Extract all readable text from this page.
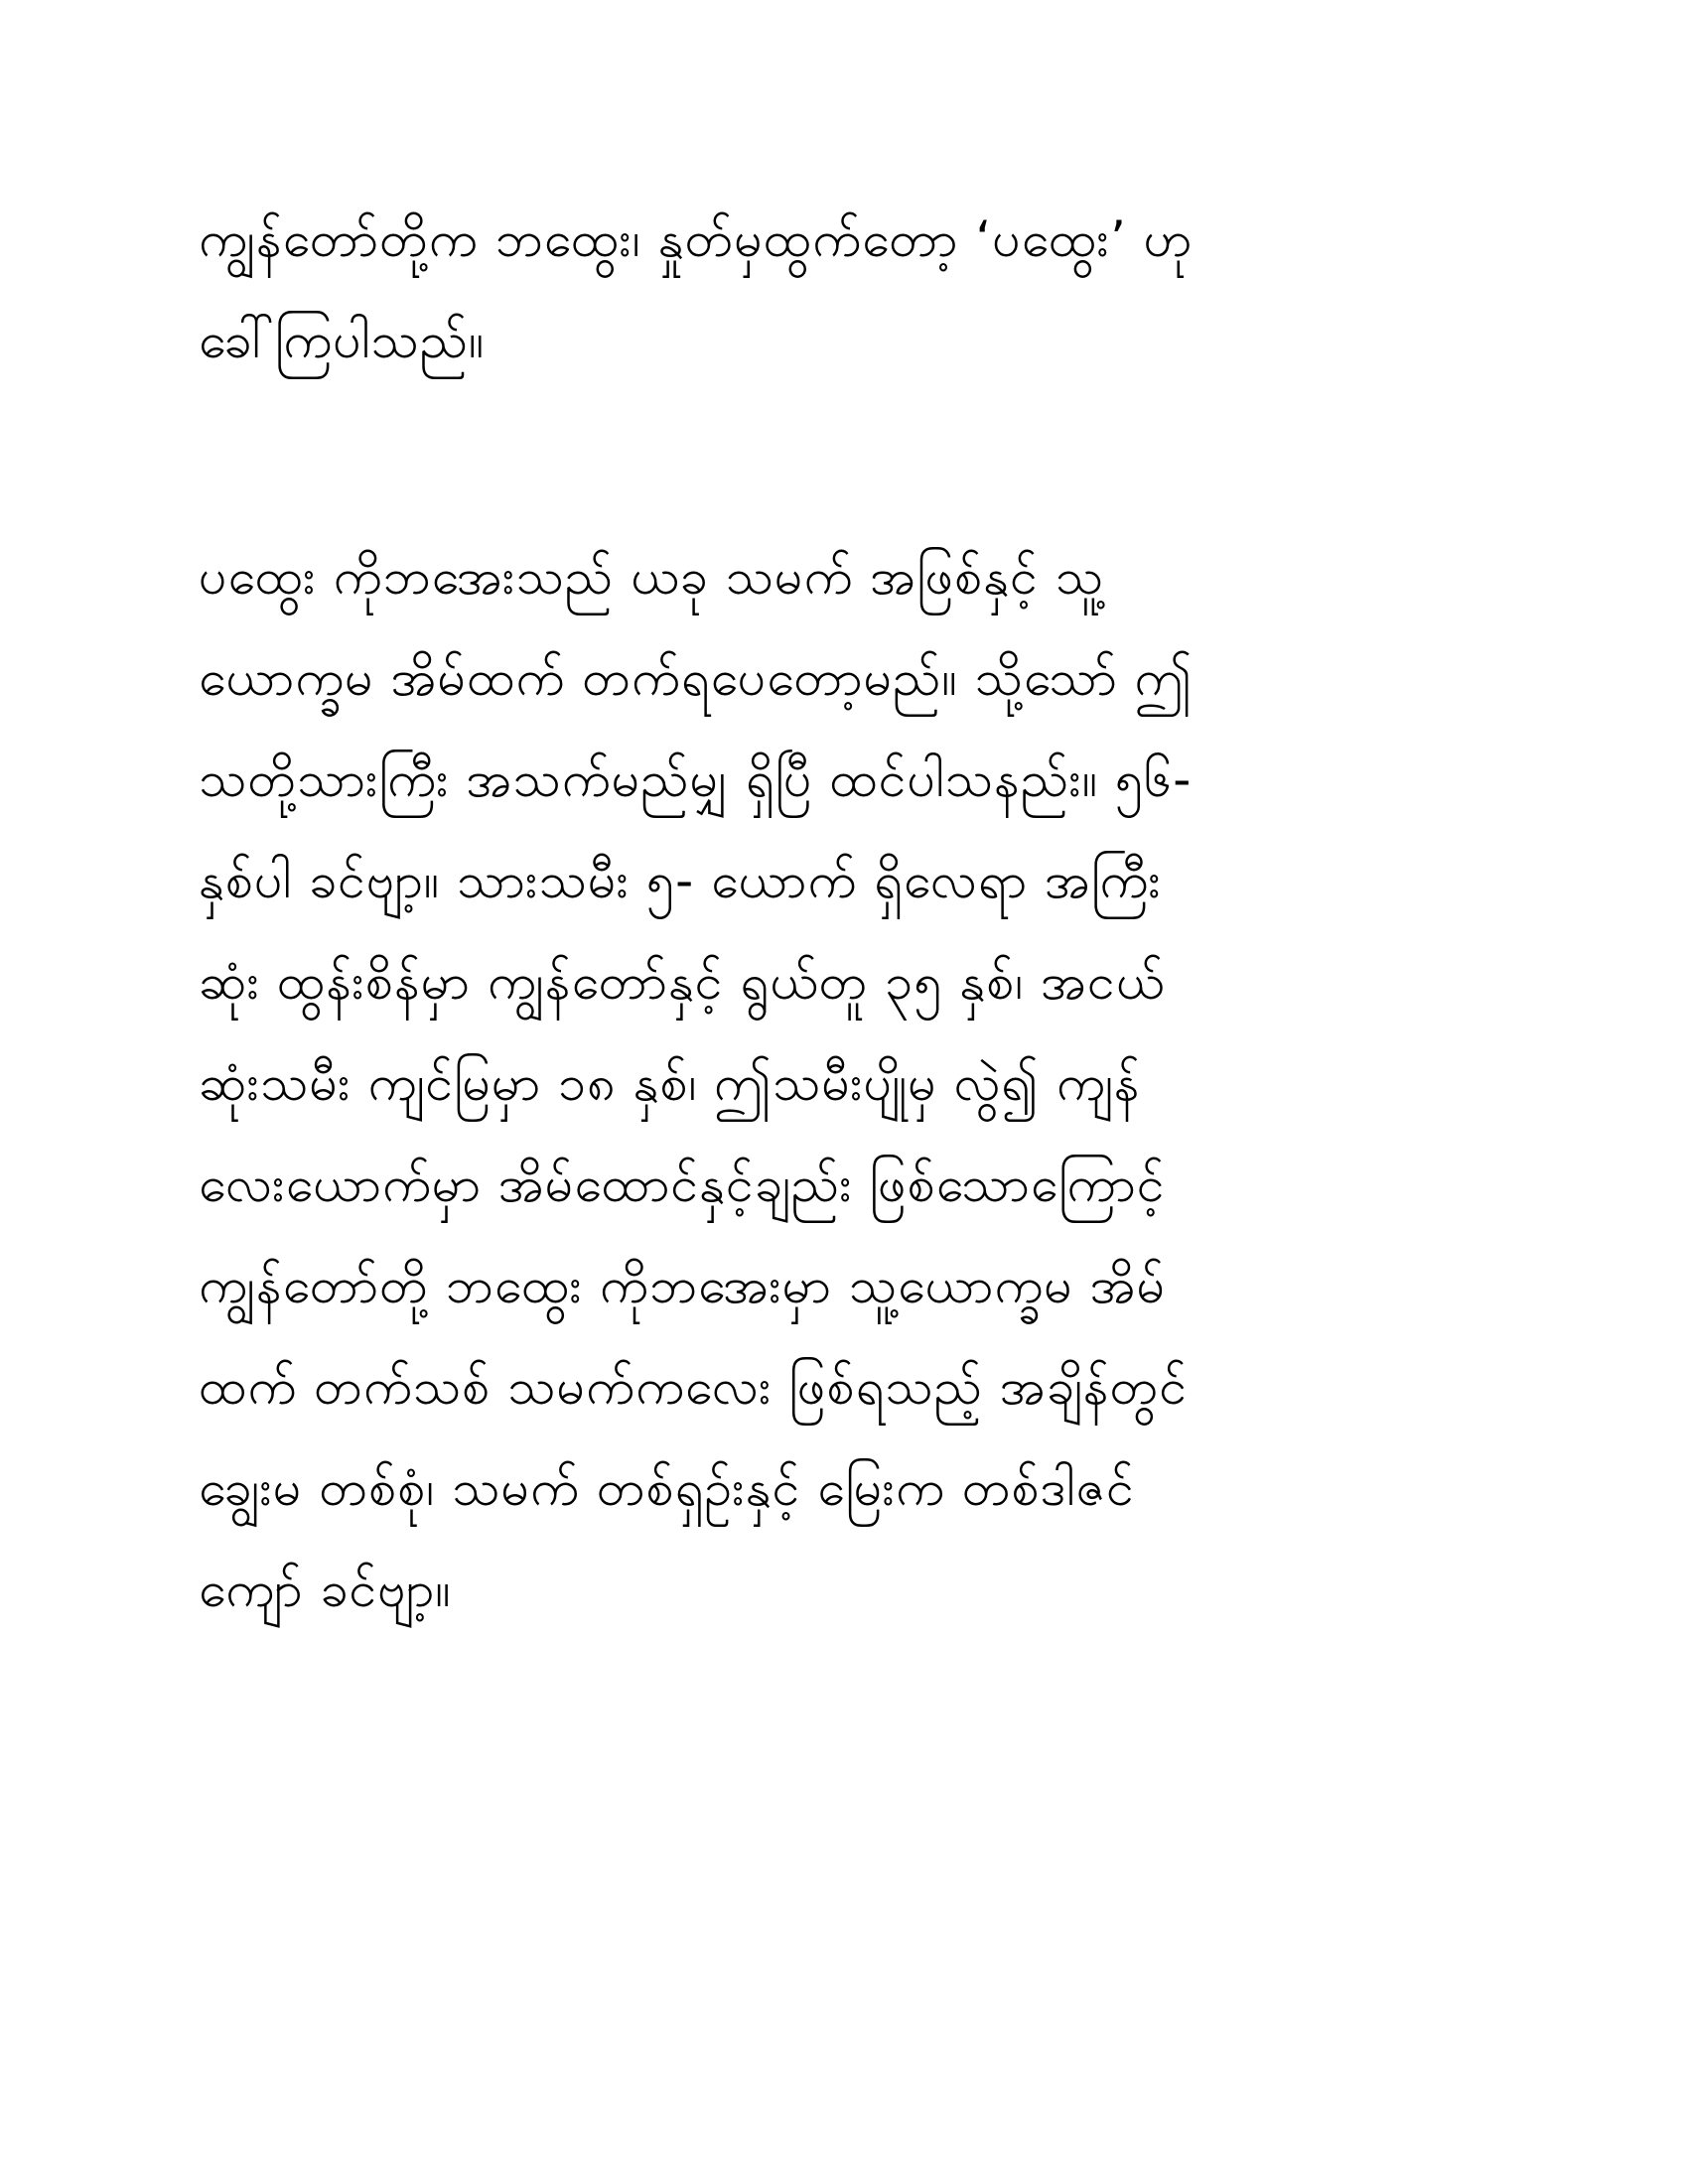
ကျွန်တော်တို့က ဘထွေး၊ နှုတ်မှထွက်တော့ ‘ပထွေး’ ဟု
ခေါ်ကြပါသည်။
ပထွေး ကိုဘအေးသည် ယခု သမက် အဖြစ်နှင့် သူ့
ယောက္ခမ အိမ်ထက် တက်ရပေတော့မည်။ သို့သော် ဤ
သတို့သားကြီး အသက်မည်မျှ ရှိပြီ ထင်ပါသနည်း။ ၅၆-
နှစ်ပါ ခင်ဗျာ့။ သားသမီး ၅- ယောက် ရှိလေရာ အကြီး
ဆုံး ထွန်းစိန်မှာ ကျွန်တော်နှင့် ရွယ်တူ ၃၅ နှစ်၊ အငယ်
ဆုံးသမီး ကျင်မြမှာ ၁၈ နှစ်၊ ဤသမီးပျိုမှ လွဲ၍ ကျန်
လေးယောက်မှာ အိမ်ထောင်နှင့်ချည်း ဖြစ်သောကြောင့်
ကျွန်တော်တို့ ဘထွေး ကိုဘအေးမှာ သူ့ယောက္ခမ အိမ်
ထက် တက်သစ် သမက်ကလေး ဖြစ်ရသည့် အချိန်တွင်
ချွေးမ တစ်စုံ၊ သမက် တစ်ရှဉ်းနှင့် မြေးက တစ်ဒါဇင်
ကျော် ခင်ဗျာ့။
